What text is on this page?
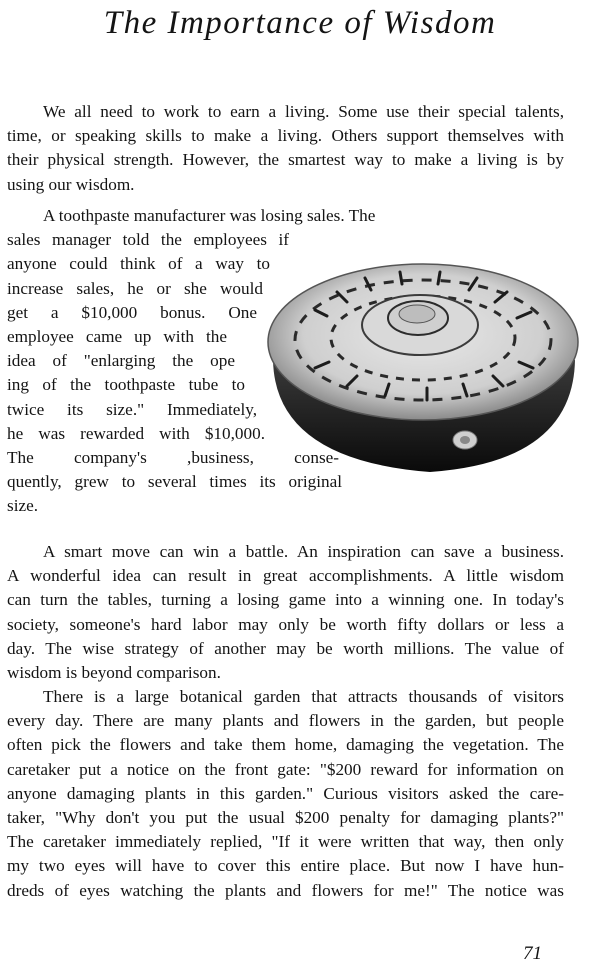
The Importance of Wisdom
We all need to work to earn a living. Some use their special talents,
time, or speaking skills to make a living. Others support themselves with
their physical strength. However, the smartest way to make a living is by
using our wisdom.
A toothpaste manufacturer was losing sales. The
sales manager told the employees if
anyone could think of a way to
increase sales, he or she would
get a $10,000 bonus. One
employee came up with the
idea of "enlarging the ope
ing of the toothpaste tube to
twice its size." Immediately,
he was rewarded with $10,000.
The company's ,business, conse-
quently, grew to several times its original
size.
A smart move can win a battle. An inspiration can save a business.
A wonderful idea can result in great accomplishments. A little wisdom
can turn the tables, turning a losing game into a winning one. In today's
society, someone's hard labor may only be worth fifty dollars or less a
day. The wise strategy of another may be worth millions. The value of
wisdom is beyond comparison.
There is a large botanical garden that attracts thousands of visitors
every day. There are many plants and flowers in the garden, but people
often pick the flowers and take them home, damaging the vegetation. The
caretaker put a notice on the front gate: "$200 reward for information on
anyone damaging plants in this garden." Curious visitors asked the care-
taker, "Why don't you put the usual $200 penalty for damaging plants?"
The caretaker immediately replied, "If it were written that way, then only
my two eyes will have to cover this entire place. But now I have hun-
dreds of eyes watching the plants and flowers for me!" The notice was
71
